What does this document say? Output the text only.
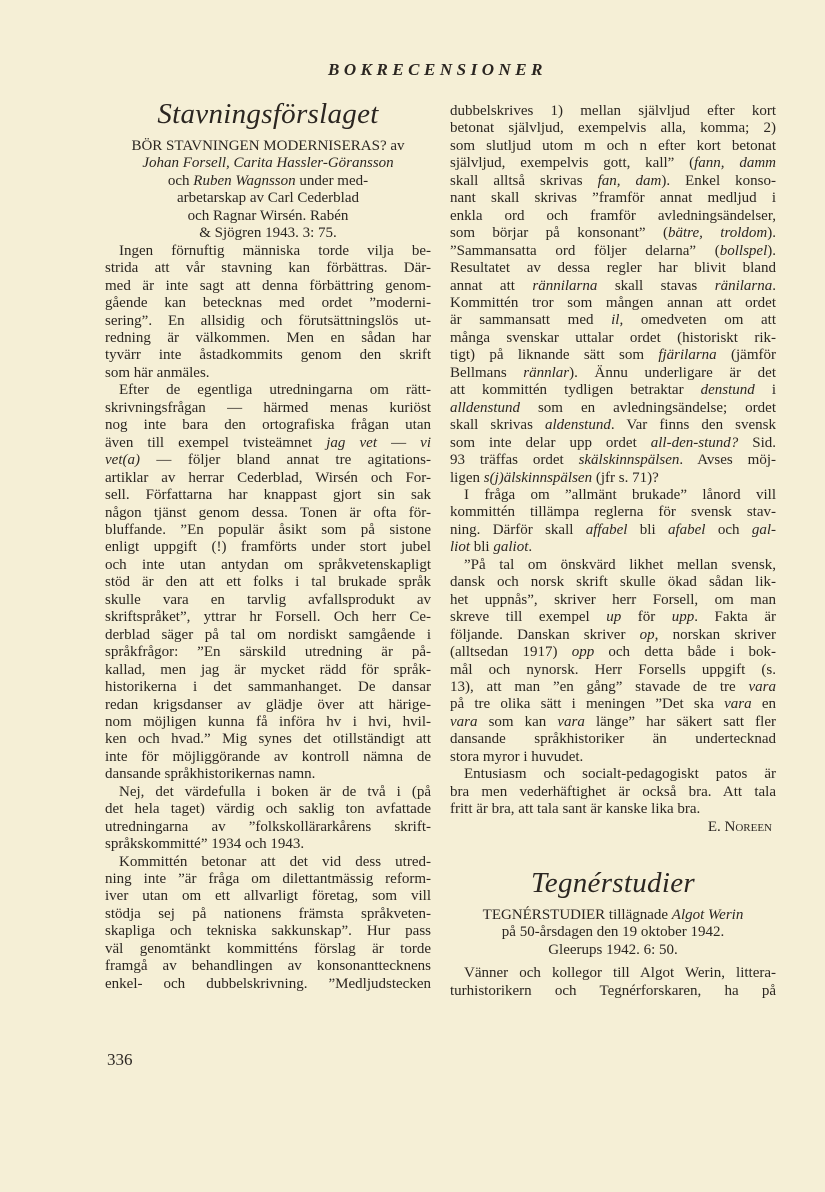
BOKRECENSIONER
Stavningsförslaget
BÖR STAVNINGEN MODERNISERAS? av
Johan Forsell, Carita Hassler-Göransson
och Ruben Wagnsson under med-
arbetarskap av Carl Cederblad
och Ragnar Wirsén. Rabén
& Sjögren 1943. 3: 75.
Ingen förnuftig människa torde vilja be-
strida att vår stavning kan förbättras. Där-
med är inte sagt att denna förbättring genom-
gående kan betecknas med ordet ”moderni-
sering”. En allsidig och förutsättningslös ut-
redning är välkommen. Men en sådan har
tyvärr inte åstadkommits genom den skrift
som här anmäles.
Efter de egentliga utredningarna om rätt-
skrivningsfrågan — härmed menas kuriöst
nog inte bara den ortografiska frågan utan
även till exempel tvisteämnet jag vet — vi
vet(a) — följer bland annat tre agitations-
artiklar av herrar Cederblad, Wirsén och For-
sell. Författarna har knappast gjort sin sak
någon tjänst genom dessa. Tonen är ofta för-
bluffande. ”En populär åsikt som på sistone
enligt uppgift (!) framförts under stort jubel
och inte utan antydan om språkvetenskapligt
stöd är den att ett folks i tal brukade språk
skulle vara en tarvlig avfallsprodukt av
skriftspråket”, yttrar hr Forsell. Och herr Ce-
derblad säger på tal om nordiskt samgående i
språkfrågor: ”En särskild utredning är på-
kallad, men jag är mycket rädd för språk-
historikerna i det sammanhanget. De dansar
redan krigsdanser av glädje över att härige-
nom möjligen kunna få införa hv i hvi, hvil-
ken och hvad.” Mig synes det otillständigt att
inte för möjliggörande av kontroll nämna de
dansande språkhistorikernas namn.
Nej, det värdefulla i boken är de två i (på
det hela taget) värdig och saklig ton avfattade
utredningarna av ”folkskollärarkårens skrift-
språkskommitté” 1934 och 1943.
Kommittén betonar att det vid dess utred-
ning inte ”är fråga om dilettantmässig reform-
iver utan om ett allvarligt företag, som vill
stödja sej på nationens främsta språkveten-
skapliga och tekniska sakkunskap”. Hur pass
väl genomtänkt kommitténs förslag är torde
framgå av behandlingen av konsonanttecknens
enkel- och dubbelskrivning. ”Medljudstecken
dubbelskrives 1) mellan självljud efter kort
betonat självljud, exempelvis alla, komma; 2)
som slutljud utom m och n efter kort betonat
självljud, exempelvis gott, kall” (fann, damm
skall alltså skrivas fan, dam). Enkel konso-
nant skall skrivas ”framför annat medljud i
enkla ord och framför avledningsändelser,
som börjar på konsonant” (bätre, troldom).
”Sammansatta ord följer delarna” (bollspel).
Resultatet av dessa regler har blivit bland
annat att rännilarna skall stavas ränilarna.
Kommittén tror som mången annan att ordet
är sammansatt med il, omedveten om att
många svenskar uttalar ordet (historiskt rik-
tigt) på liknande sätt som fjärilarna (jämför
Bellmans rännlar). Ännu underligare är det
att kommittén tydligen betraktar denstund i
alldenstund som en avledningsändelse; ordet
skall skrivas aldenstund. Var finns den svensk
som inte delar upp ordet all-den-stund? Sid.
93 träffas ordet skälskinnspälsen. Avses möj-
ligen s(j)älskinnspälsen (jfr s. 71)?
I fråga om ”allmänt brukade” lånord vill
kommittén tillämpa reglerna för svensk stav-
ning. Därför skall affabel bli afabel och gal-
liot bli galiot.
”På tal om önskvärd likhet mellan svensk,
dansk och norsk skrift skulle ökad sådan lik-
het uppnås”, skriver herr Forsell, om man
skreve till exempel up för upp. Fakta är
följande. Danskan skriver op, norskan skriver
(alltsedan 1917) opp och detta både i bok-
mål och nynorsk. Herr Forsells uppgift (s.
13), att man ”en gång” stavade de tre vara
på tre olika sätt i meningen ”Det ska vara en
vara som kan vara länge” har säkert satt fler
dansande språkhistoriker än undertecknad
stora myror i huvudet.
Entusiasm och socialt-pedagogiskt patos är
bra men vederhäftighet är också bra. Att tala
fritt är bra, att tala sant är kanske lika bra.
E. Noreen
Tegnérstudier
TEGNÉRSTUDIER tillägnade Algot Werin
på 50-årsdagen den 19 oktober 1942.
Gleerups 1942. 6: 50.
Vänner och kollegor till Algot Werin, littera-
turhistorikern och Tegnérforskaren, ha på
336
